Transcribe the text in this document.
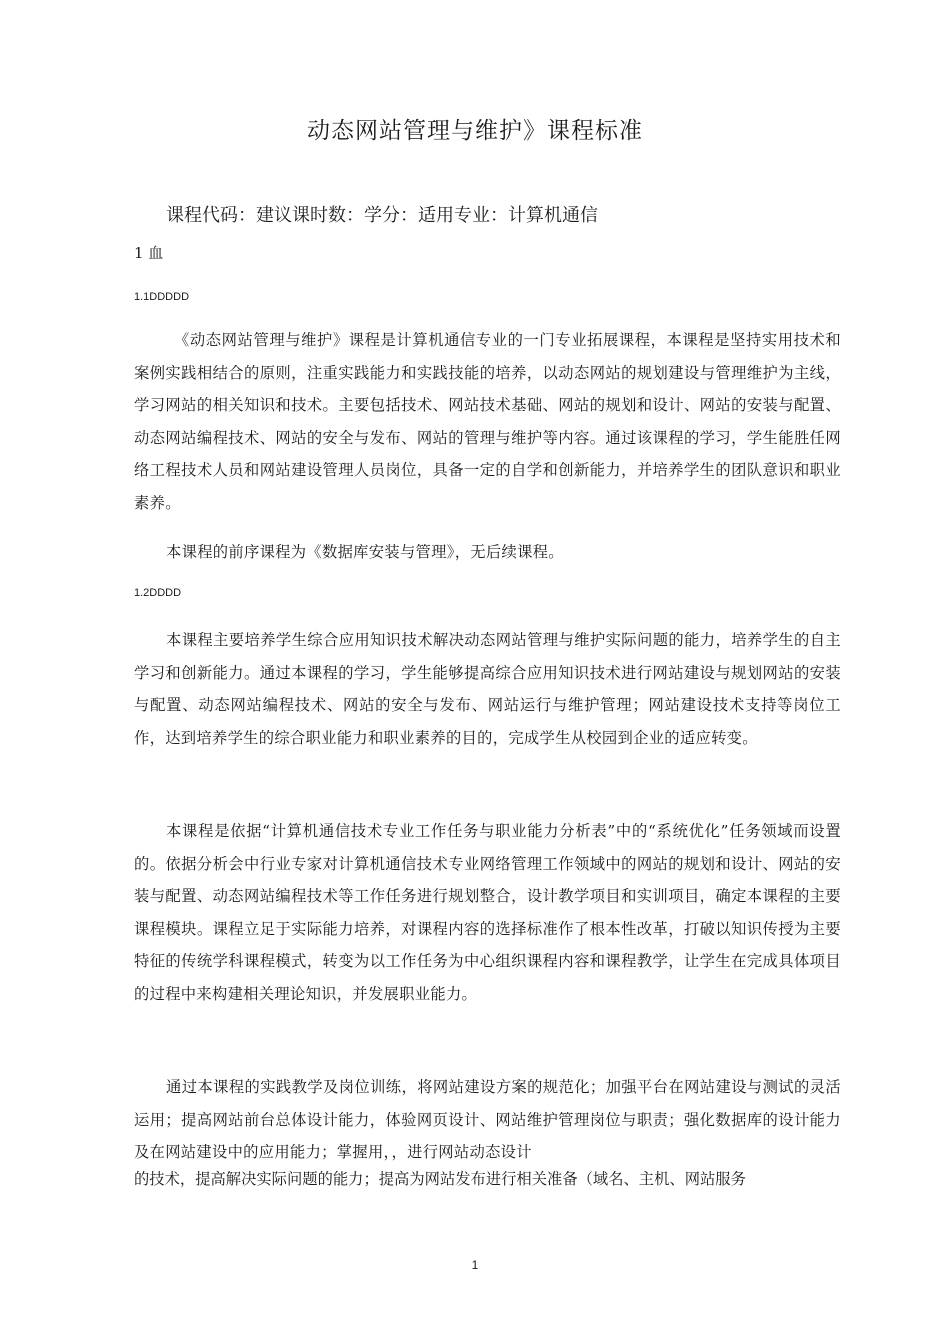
动态网站管理与维护》课程标准
课程代码：建议课时数：学分：适用专业：计算机通信
1 血
1.1DDDDD

《动态网站管理与维护》课程是计算机通信专业的一门专业拓展课程，本课程是坚持实用技术和案例实践相结合的原则，注重实践能力和实践技能的培养，以动态网站的规划建设与管理维护为主线，学习网站的相关知识和技术。主要包括技术、网站技术基础、网站的规划和设计、网站的安装与配置、动态网站编程技术、网站的安全与发布、网站的管理与维护等内容。通过该课程的学习，学生能胜任网络工程技术人员和网站建设管理人员岗位，具备一定的自学和创新能力，并培养学生的团队意识和职业素养。

本课程的前序课程为《数据库安装与管理》，无后续课程。

1.2DDDD

本课程主要培养学生综合应用知识技术解决动态网站管理与维护实际问题的能力，培养学生的自主学习和创新能力。通过本课程的学习，学生能够提高综合应用知识技术进行网站建设与规划网站的安装与配置、动态网站编程技术、网站的安全与发布、网站运行与维护管理；网站建设技术支持等岗位工作，达到培养学生的综合职业能力和职业素养的目的，完成学生从校园到企业的适应转变。

本课程是依据“计算机通信技术专业工作任务与职业能力分析表”中的“系统优化”任务领域而设置的。依据分析会中行业专家对计算机通信技术专业网络管理工作领域中的网站的规划和设计、网站的安装与配置、动态网站编程技术等工作任务进行规划整合，设计教学项目和实训项目，确定本课程的主要课程模块。课程立足于实际能力培养，对课程内容的选择标准作了根本性改革，打破以知识传授为主要特征的传统学科课程模式，转变为以工作任务为中心组织课程内容和课程教学，让学生在完成具体项目的过程中来构建相关理论知识，并发展职业能力。

通过本课程的实践教学及岗位训练，将网站建设方案的规范化；加强平台在网站建设与测试的灵活运用；提高网站前台总体设计能力，体验网页设计、网站维护管理岗位与职责；强化数据库的设计能力及在网站建设中的应用能力；掌握用，，进行网站动态设计

的技术，提高解决实际问题的能力；提高为网站发布进行相关准备（域名、主机、网站服务
1
